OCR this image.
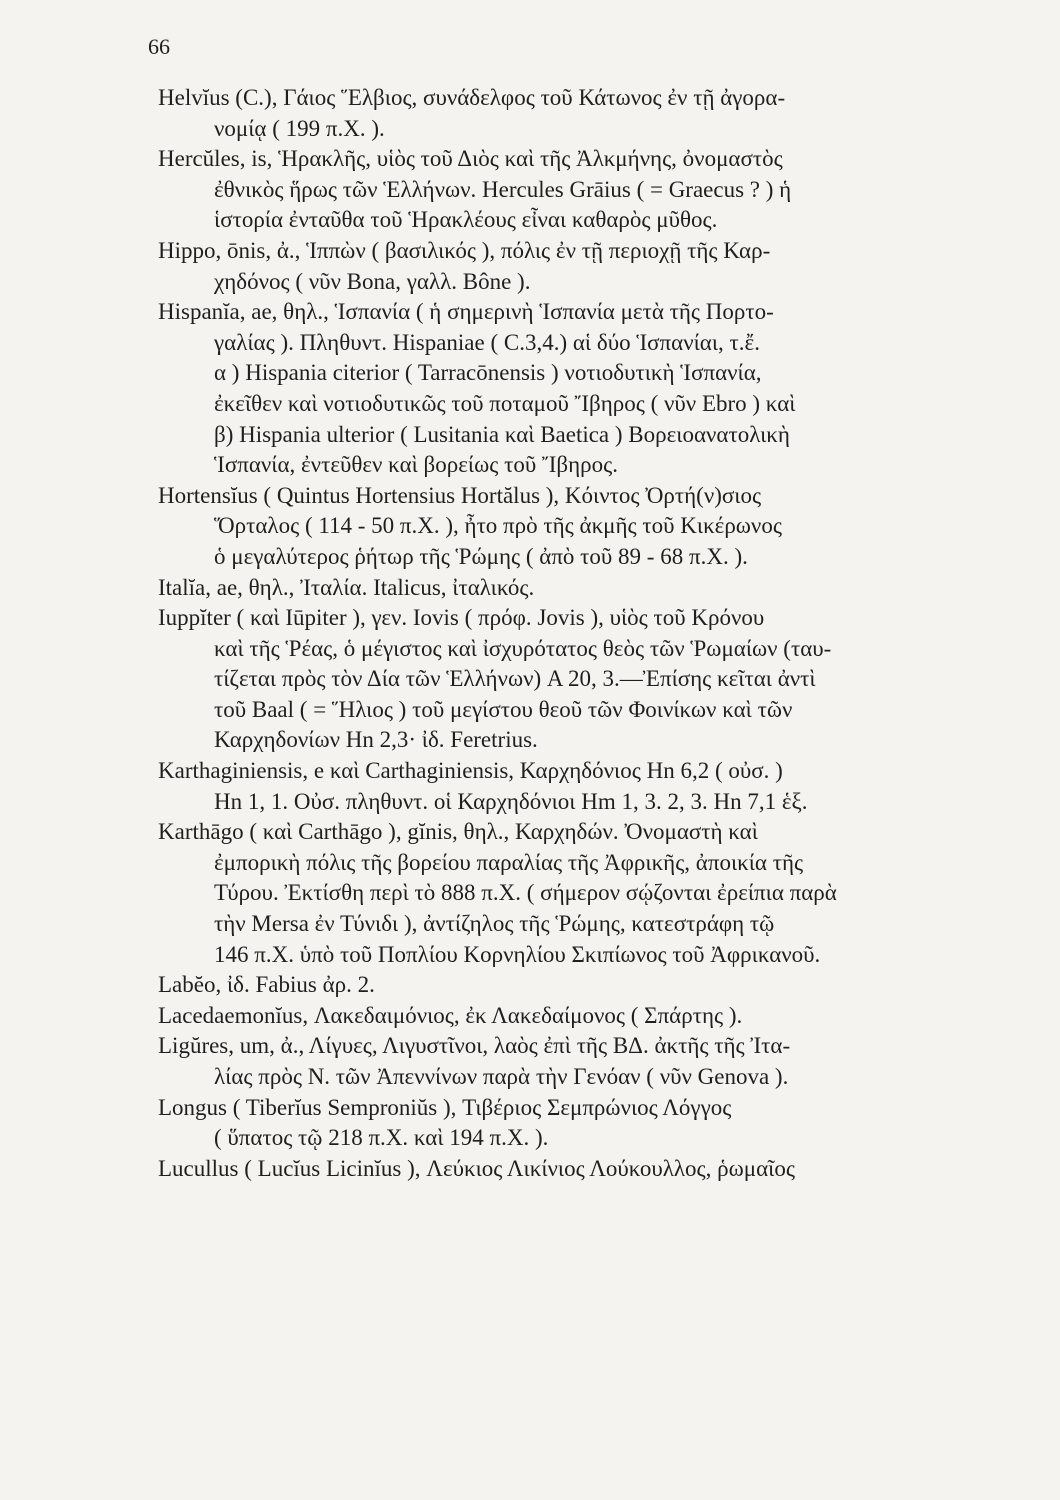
66

Helvĭus (C.), Γάιος Ἕλβιος, συνάδελφος τοῦ Κάτωνος ἐν τῇ ἀγορα-
νομίᾳ ( 199 π.Χ. ).

Hercŭles, is, Ἡρακλῆς, υἱὸς τοῦ Διὸς καὶ τῆς Ἀλκμήνης, ὀνομαστὸς
ἐθνικὸς ἥρως τῶν Ἑλλήνων. Hercules Grāius ( = Graecus ? ) ἡ
ἱστορία ἐνταῦθα τοῦ Ἡρακλέους εἶναι καθαρὸς μῦθος.

Hippo, ōnis, ἀ., Ἱππὼν ( βασιλικός ), πόλις ἐν τῇ περιοχῇ τῆς Καρ-
χηδόνος ( νῦν Bona, γαλλ. Bône ).

Hispanĭa, ae, θηλ., Ἱσπανία ( ἡ σημερινὴ Ἱσπανία μετὰ τῆς Πορτο-
γαλίας ). Πληθυντ. Hispaniae ( C.3,4.) αἱ δύο Ἱσπανίαι, τ.ἔ.
α ) Hispania citerior ( Tarracōnensis ) νοτιοδυτικὴ Ἱσπανία,
ἐκεῖθεν καὶ νοτιοδυτικῶς τοῦ ποταμοῦ Ἴβηρος ( νῦν Ebro ) καὶ
β) Hispania ulterior ( Lusitania καὶ Baetica ) Βορειοανατολικὴ
Ἱσπανία, ἐντεῦθεν καὶ βορείως τοῦ Ἴβηρος.

Hortensĭus ( Quintus Hortensius Hortălus ), Κόιντος Ὀρτή(ν)σιος
Ὅρταλος ( 114 - 50 π.Χ. ), ἦτο πρὸ τῆς ἀκμῆς τοῦ Κικέρωνος
ὁ μεγαλύτερος ῥήτωρ τῆς Ῥώμης ( ἀπὸ τοῦ 89 - 68 π.Χ. ).

Italĭa, ae, θηλ., Ἰταλία. Italicus, ἰταλικός.

Iuppĭter ( καὶ Iūpiter ), γεν. Iovis ( πρόφ. Jovis ), υἱὸς τοῦ Κρόνου
καὶ τῆς Ῥέας, ὁ μέγιστος καὶ ἰσχυρότατος θεὸς τῶν Ῥωμαίων (ταυ-
τίζεται πρὸς τὸν Δία τῶν Ἑλλήνων) A 20, 3.—Ἐπίσης κεῖται ἀντὶ
τοῦ Baal ( = Ἥλιος ) τοῦ μεγίστου θεοῦ τῶν Φοινίκων καὶ τῶν
Καρχηδονίων Hn 2,3· ἰδ. Feretrius.

Karthaginiensis, e καὶ Carthaginiensis, Καρχηδόνιος Hn 6,2 ( οὐσ. )
Hn 1, 1. Οὐσ. πληθυντ. οἱ Καρχηδόνιοι Hm 1, 3. 2, 3. Hn 7,1 ἑξ.

Karthāgo ( καὶ Carthāgo ), gĭnis, θηλ., Καρχηδών. Ὀνομαστὴ καὶ
ἐμπορικὴ πόλις τῆς βορείου παραλίας τῆς Ἀφρικῆς, ἀποικία τῆς
Τύρου. Ἐκτίσθη περὶ τὸ 888 π.Χ. ( σήμερον σῴζονται ἐρείπια παρὰ
τὴν Mersa ἐν Τύνιδι ), ἀντίζηλος τῆς Ῥώμης, κατεστράφη τῷ
146 π.Χ. ὑπὸ τοῦ Ποπλίου Κορνηλίου Σκιπίωνος τοῦ Ἀφρικανοῦ.

Labĕo, ἰδ. Fabius ἀρ. 2.

Lacedaemonĭus, Λακεδαιμόνιος, ἐκ Λακεδαίμονος ( Σπάρτης ).

Ligŭres, um, ἀ., Λίγυες, Λιγυστῖνοι, λαὸς ἐπὶ τῆς ΒΔ. ἀκτῆς τῆς Ἰτα-
λίας πρὸς Ν. τῶν Ἀπεννίνων παρὰ τὴν Γενόαν ( νῦν Genova ).

Longus ( Tiberĭus Semproniŭs ), Τιβέριος Σεμπρώνιος Λόγγος
( ὕπατος τῷ 218 π.Χ. καὶ 194 π.Χ. ).

Lucullus ( Lucĭus Licinĭus ), Λεύκιος Λικίνιος Λούκουλλος, ῥωμαῖος
